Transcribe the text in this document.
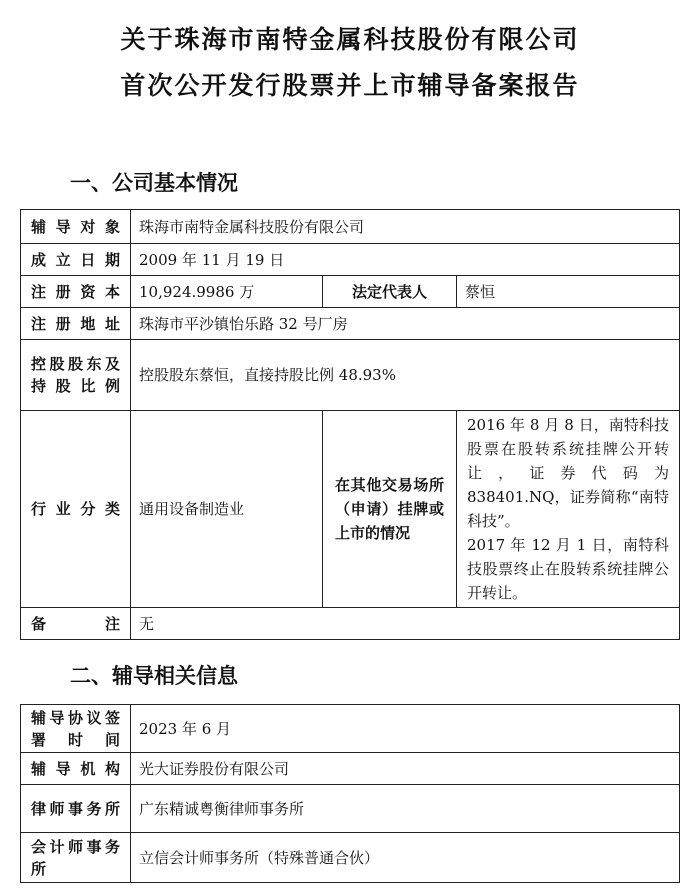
关于珠海市南特金属科技股份有限公司
首次公开发行股票并上市辅导备案报告
一、公司基本情况
辅导对象	珠海市南特金属科技股份有限公司		
成立日期	2009 年 11 月 19 日		
注册资本	10,924.9986 万	法定代表人	蔡恒
注册地址	珠海市平沙镇怡乐路 32 号厂房		
控股股东及持股比例	控股股东蔡恒，直接持股比例 48.93%		
行业分类	通用设备制造业	在其他交易场所（申请）挂牌或上市的情况	2016 年 8 月 8 日，南特科技股票在股转系统挂牌公开转让，证券代码为 838401.NQ，证券简称“南特科技”。
2017 年 12 月 1 日，南特科技股票终止在股转系统挂牌公开转让。

备注	无		
二、辅导相关信息
辅导协议签署时间	2023 年 6 月
辅导机构	光大证券股份有限公司
律师事务所	广东精诚粤衡律师事务所
会计师事务所	立信会计师事务所（特殊普通合伙）
